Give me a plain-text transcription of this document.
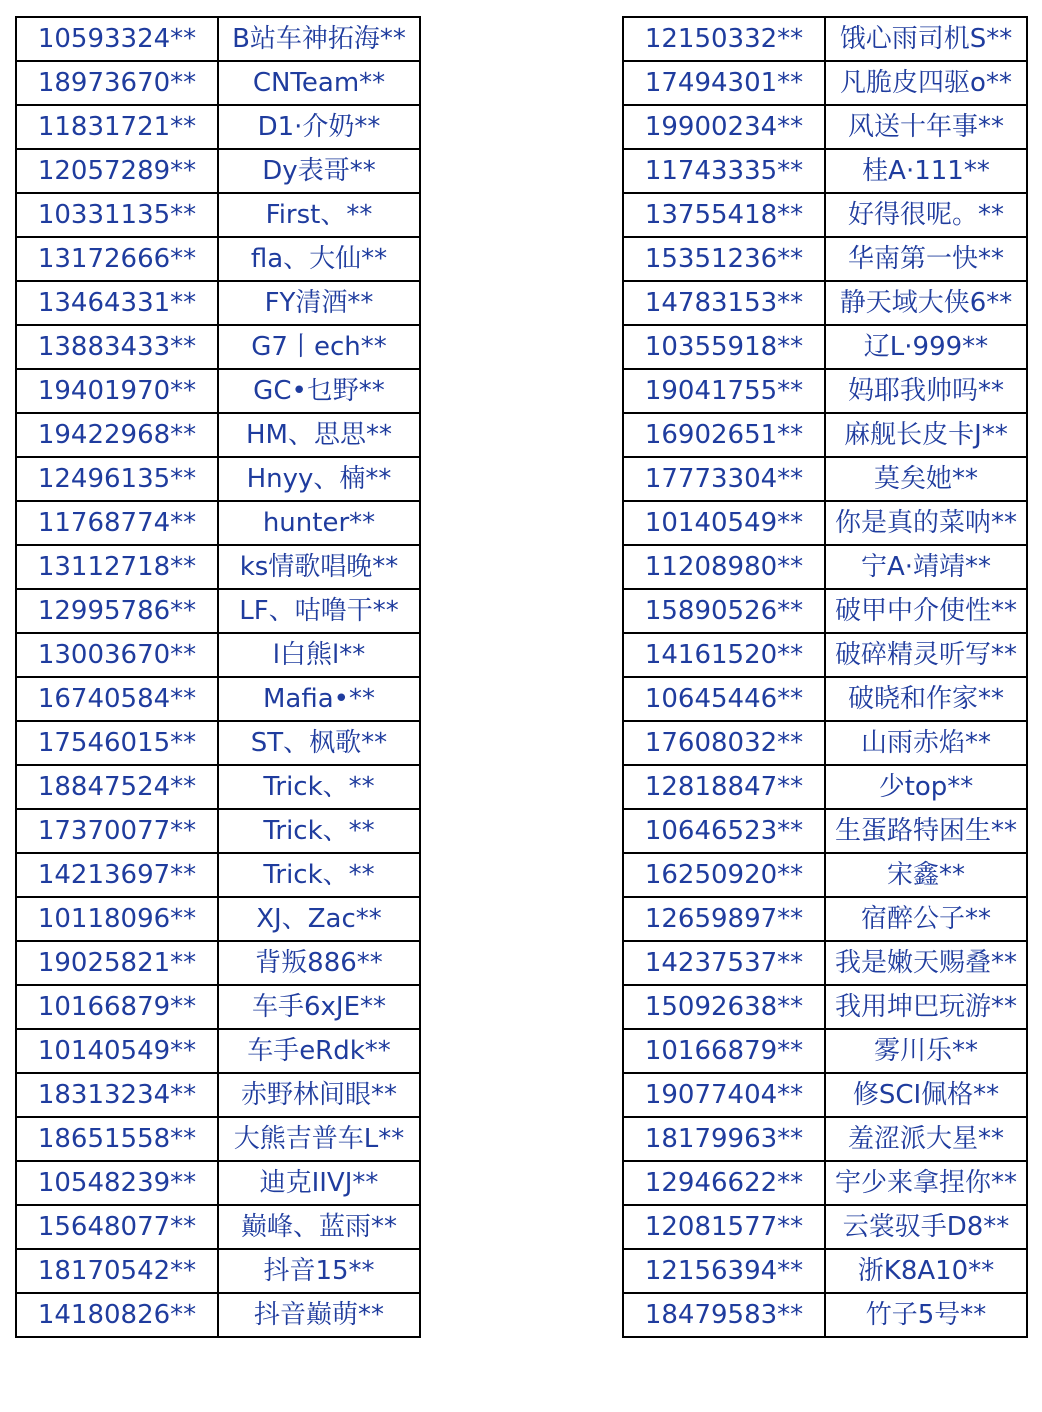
10593324**	B站车神拓海**
18973670**	CNTeam**
11831721**	D1·介奶**
12057289**	Dy表哥**
10331135**	First、**
13172666**	fla、大仙**
13464331**	FY清酒**
13883433**	G7丨ech**
19401970**	GC•乜野**
19422968**	HM、思思**
12496135**	Hnyy、楠**
11768774**	hunter**
13112718**	ks情歌唱晚**
12995786**	LF、咕噜干**
13003670**	l白熊l**
16740584**	Mafia•**
17546015**	ST、枫歌**
18847524**	Trick、**
17370077**	Trick、**
14213697**	Trick、**
10118096**	XJ、Zac**
19025821**	背叛886**
10166879**	车手6xJE**
10140549**	车手eRdk**
18313234**	赤野林间眼**
18651558**	大熊吉普车L**
10548239**	迪克IIVJ**
15648077**	巅峰、蓝雨**
18170542**	抖音15**
14180826**	抖音巅萌**
12150332**	饿心雨司机S**
17494301**	凡脆皮四驱o**
19900234**	风送十年事**
11743335**	桂A·111**
13755418**	好得很呢。**
15351236**	华南第一快**
14783153**	静天域大侠6**
10355918**	辽L·999**
19041755**	妈耶我帅吗**
16902651**	麻舰长皮卡J**
17773304**	莫矣她**
10140549**	你是真的菜呐**
11208980**	宁A·靖靖**
15890526**	破甲中介使性**
14161520**	破碎精灵听写**
10645446**	破晓和作家**
17608032**	山雨赤焰**
12818847**	少top**
10646523**	生蛋路特困生**
16250920**	宋鑫**
12659897**	宿醉公子**
14237537**	我是嫩天赐叠**
15092638**	我用坤巴玩游**
10166879**	雾川乐**
19077404**	修SCI佩格**
18179963**	羞涩派大星**
12946622**	宇少来拿捏你**
12081577**	云裳驭手D8**
12156394**	浙K8A10**
18479583**	竹子5号**
